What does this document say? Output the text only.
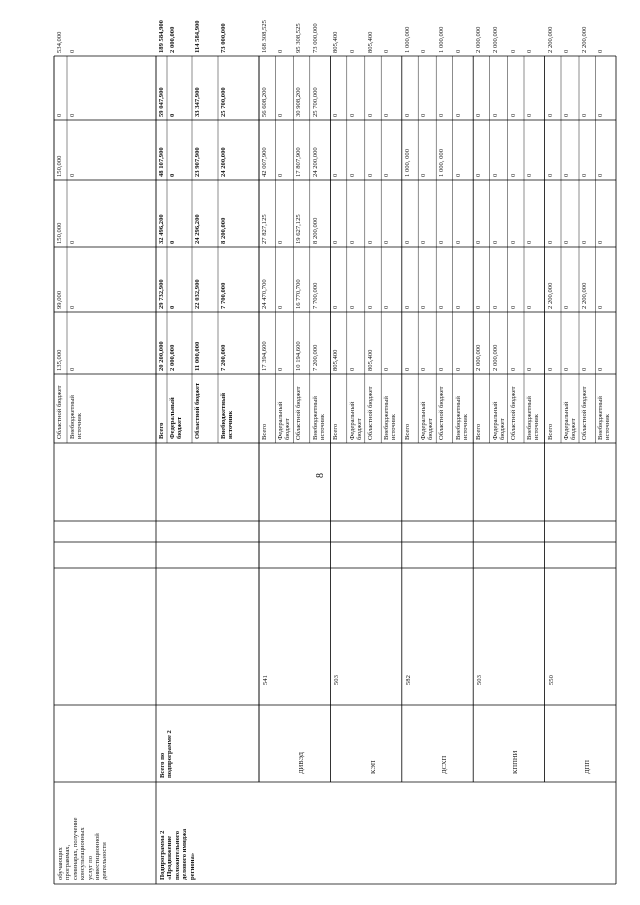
8
обучающих
программах,
семинарах, получение
консультационных
услуг по
инвестиционной
деятельности
Областной бюджет
135,000
99,000
150,000
150,000
0
534,000
Внебюджетный
источник
0
0
0
0
0
0
Подпрограмма 2
«Продвижение
положительного
делового имиджа
региона»
Всего по
подпрограмме 2
Всего
20 200,000
29 732,900
32 496,200
48 107,900
59 047,900
189 584,900
Федеральный
бюджет
2 000,000
0
0
0
0
2 000,000
Областной бюджет
11 000,000
22 032,900
24 296,200
23 907,900
33 347,900
114 584,900
Внебюджетный
источник
7 200,000
7 700,000
8 200,000
24 200,000
25 700,000
73 000,000
ДИВЭД
541
Всего
17 394,600
24 470,700
27 827,125
42 007,900
56 608,200
168 308,525
Федеральный
бюджет
0
0
0
0
0
0
Областной бюджет
10 194,600
16 770,700
19 627,125
17 807,900
30 908,200
95 308,525
Внебюджетный
источник
7 200,000
7 700,000
8 200,000
24 200,000
25 700,000
73 000,000
КЭП
503
Всего
805,400
0
0
0
0
805,400
Федеральный
бюджет
0
0
0
0
0
0
Областной бюджет
805,400
0
0
0
0
805,400
Внебюджетный
источник
0
0
0
0
0
0
ДСХП
582
Всего
0
0
0
1 000, 000
0
1 000,000
Федеральный
бюджет
0
0
0
0
0
0
Областной бюджет
0
0
0
1 000, 000
0
1 000,000
Внебюджетный
источник
0
0
0
0
0
0
КППНИ
503
Всего
2 000,000
0
0
0
0
2 000,000
Федеральный
бюджет
2 000,000
0
0
0
0
2 000,000
Областной бюджет
0
0
0
0
0
0
Внебюджетный
источник
0
0
0
0
0
0
ДПП
550
Всего
0
2 200,000
0
0
0
2 200,000
Федеральный
бюджет
0
0
0
0
0
0
Областной бюджет
0
2 200,000
0
0
0
2 200,000
Внебюджетный
источник
0
0
0
0
0
0
